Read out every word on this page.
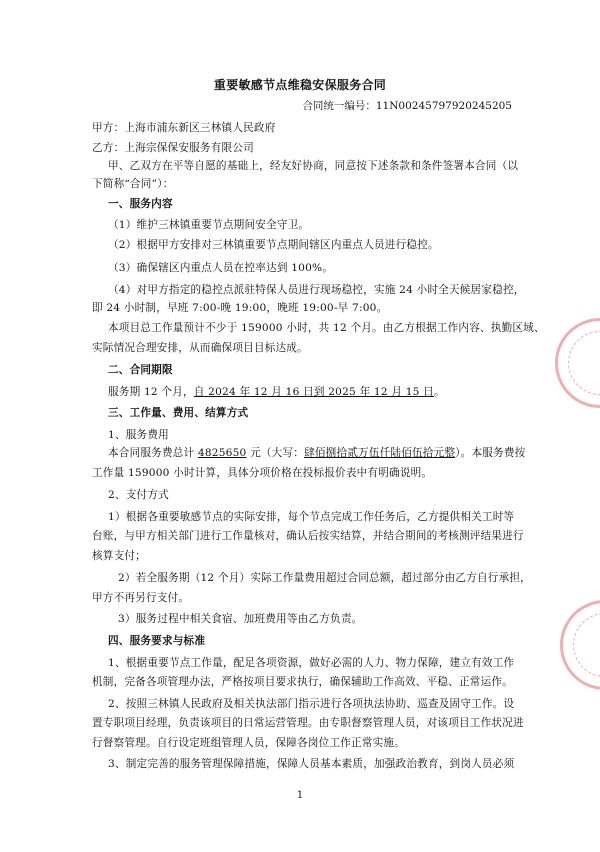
重要敏感节点维稳安保服务合同
合同统一编号：11N00245797920245205
甲方：上海市浦东新区三林镇人民政府
乙方：上海宗保保安服务有限公司
甲、乙双方在平等自愿的基础上，经友好协商，同意按下述条款和条件签署本合同（以
下简称“合同”）：
一、服务内容
（1）维护三林镇重要节点期间安全守卫。
（2）根据甲方安排对三林镇重要节点期间辖区内重点人员进行稳控。
（3）确保辖区内重点人员在控率达到 100%。
（4）对甲方指定的稳控点派驻特保人员进行现场稳控，实施 24 小时全天候居家稳控，
即 24 小时制，早班 7:00-晚 19:00，晚班 19:00-早 7:00。
本项目总工作量预计不少于 159000 小时，共 12 个月。由乙方根据工作内容、执勤区域、
实际情况合理安排，从而确保项目目标达成。
二、合同期限
服务期 12 个月，自 2024 年 12 月 16 日到 2025 年 12 月 15 日。
三、工作量、费用、结算方式
1、服务费用
本合同服务费总计 4825650 元（大写：肆佰捌拾贰万伍仟陆佰伍拾元整）。本服务费按
工作量 159000 小时计算，具体分项价格在投标报价表中有明确说明。
2、支付方式
1）根据各重要敏感节点的实际安排，每个节点完成工作任务后，乙方提供相关工时等
台账，与甲方相关部门进行工作量核对，确认后按实结算，并结合期间的考核测评结果进行
核算支付；
2）若全服务期（12 个月）实际工作量费用超过合同总额，超过部分由乙方自行承担，
甲方不再另行支付。
3）服务过程中相关食宿、加班费用等由乙方负责。
四、服务要求与标准
1、根据重要节点工作量，配足各项资源，做好必需的人力、物力保障，建立有效工作
机制，完备各项管理办法，严格按项目要求执行，确保辅助工作高效、平稳、正常运作。
2、按照三林镇人民政府及相关执法部门指示进行各项执法协助、巡查及固守工作。设
置专职项目经理，负责该项目的日常运营管理。由专职督察管理人员，对该项目工作状况进
行督察管理。自行设定班组管理人员，保障各岗位工作正常实施。
3、制定完善的服务管理保障措施，保障人员基本素质，加强政治教育，到岗人员必须
1
